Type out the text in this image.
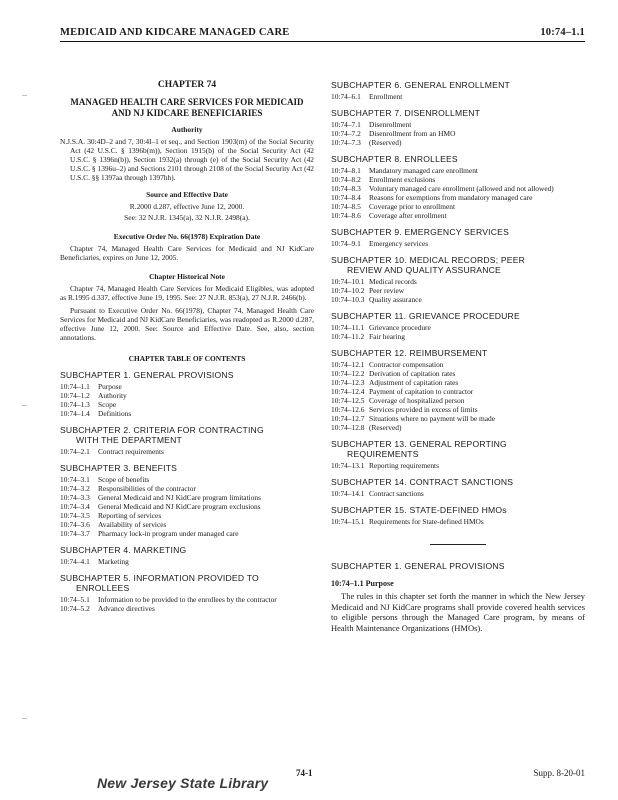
MEDICAID AND KIDCARE MANAGED CARE	10:74–1.1
–
–
–
CHAPTER 74
MANAGED HEALTH CARE SERVICES FOR MEDICAID AND NJ KIDCARE BENEFICIARIES
Authority
N.J.S.A. 30:4D–2 and 7, 30:4I–1 et seq., and Section 1903(m) of the Social Security Act (42 U.S.C. § 1396b(m)), Section 1915(b) of the Social Security Act (42 U.S.C. § 1396n(b)), Section 1932(a) through (e) of the Social Security Act (42 U.S.C. § 1396u–2) and Sections 2101 through 2108 of the Social Security Act (42 U.S.C. §§ 1397aa through 1397hh).
Source and Effective Date
R.2000 d.287, effective June 12, 2000.
See: 32 N.J.R. 1345(a), 32 N.J.R. 2498(a).
Executive Order No. 66(1978) Expiration Date
Chapter 74, Managed Health Care Services for Medicaid and NJ KidCare Beneficiaries, expires on June 12, 2005.
Chapter Historical Note
Chapter 74, Managed Health Care Services for Medicaid Eligibles, was adopted as R.1995 d.337, effective June 19, 1995. See: 27 N.J.R. 853(a), 27 N.J.R. 2466(b).
Pursuant to Executive Order No. 66(1978), Chapter 74, Managed Health Care Services for Medicaid and NJ KidCare Beneficiaries, was readopted as R.2000 d.287, effective June 12, 2000. See: Source and Effective Date. See, also, section annotations.
CHAPTER TABLE OF CONTENTS
SUBCHAPTER 1. GENERAL PROVISIONS
10:74–1.1	Purpose
10:74–1.2	Authority
10:74–1.3	Scope
10:74–1.4	Definitions
SUBCHAPTER 2. CRITERIA FOR CONTRACTING
WITH THE DEPARTMENT
10:74–2.1	Contract requirements
SUBCHAPTER 3. BENEFITS
10:74–3.1	Scope of benefits
10:74–3.2	Responsibilities of the contractor
10:74–3.3	General Medicaid and NJ KidCare program limitations
10:74–3.4	General Medicaid and NJ KidCare program exclusions
10:74–3.5	Reporting of services
10:74–3.6	Availability of services
10:74–3.7	Pharmacy lock-in program under managed care
SUBCHAPTER 4. MARKETING
10:74–4.1	Marketing
SUBCHAPTER 5. INFORMATION PROVIDED TO
ENROLLEES
10:74–5.1	Information to be provided to the enrollees by the contractor
10:74–5.2	Advance directives
SUBCHAPTER 6. GENERAL ENROLLMENT
10:74–6.1	Enrollment
SUBCHAPTER 7. DISENROLLMENT
10:74–7.1	Disenrollment
10:74–7.2	Disenrollment from an HMO
10:74–7.3	(Reserved)
SUBCHAPTER 8. ENROLLEES
10:74–8.1	Mandatory managed care enrollment
10:74–8.2	Enrollment exclusions
10:74–8.3	Voluntary managed care enrollment (allowed and not allowed)
10:74–8.4	Reasons for exemptions from mandatory managed care
10:74–8.5	Coverage prior to enrollment
10:74–8.6	Coverage after enrollment
SUBCHAPTER 9. EMERGENCY SERVICES
10:74–9.1	Emergency services
SUBCHAPTER 10. MEDICAL RECORDS; PEER
REVIEW AND QUALITY ASSURANCE
10:74–10.1 Medical records
10:74–10.2 Peer review
10:74–10.3 Quality assurance
SUBCHAPTER 11. GRIEVANCE PROCEDURE
10:74–11.1 Grievance procedure
10:74–11.2 Fair hearing
SUBCHAPTER 12. REIMBURSEMENT
10:74–12.1 Contractor compensation
10:74–12.2 Derivation of capitation rates
10:74–12.3 Adjustment of capitation rates
10:74–12.4 Payment of capitation to contractor
10:74–12.5 Coverage of hospitalized person
10:74–12.6 Services provided in excess of limits
10:74–12.7 Situations where no payment will be made
10:74–12.8 (Reserved)
SUBCHAPTER 13. GENERAL REPORTING
REQUIREMENTS
10:74–13.1 Reporting requirements
SUBCHAPTER 14. CONTRACT SANCTIONS
10:74–14.1 Contract sanctions
SUBCHAPTER 15. STATE-DEFINED HMOs
10:74–15.1 Requirements for State-defined HMOs
SUBCHAPTER 1. GENERAL PROVISIONS
10:74–1.1 Purpose

The rules in this chapter set forth the manner in which the New Jersey Medicaid and NJ KidCare programs shall provide covered health services to eligible persons through the Managed Care program, by means of Health Maintenance Organizations (HMOs).

New Jersey State Library
74-1	Supp. 8-20-01
